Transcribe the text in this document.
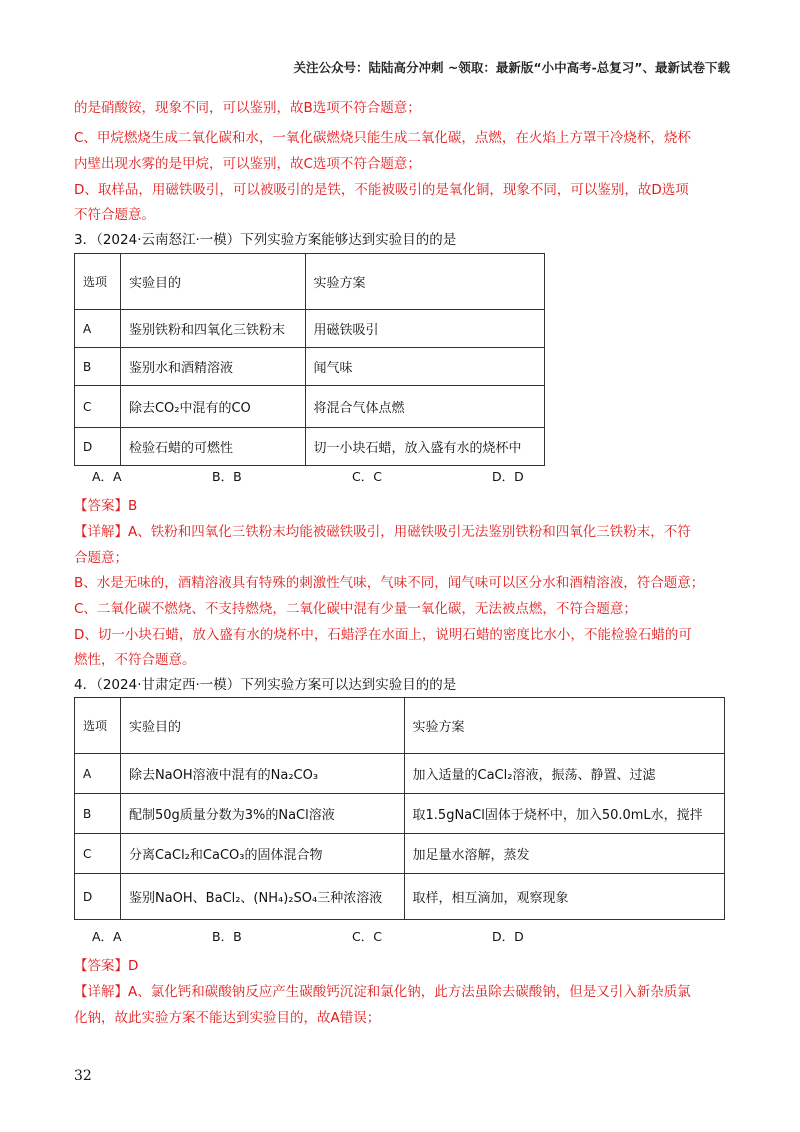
关注公众号：陆陆高分冲刺 ~领取：最新版“小中高考-总复习”、最新试卷下载
的是硝酸铵，现象不同，可以鉴别，故B选项不符合题意；
C、甲烷燃烧生成二氧化碳和水，一氧化碳燃烧只能生成二氧化碳，点燃，在火焰上方罩干冷烧杯，烧杯
内壁出现水雾的是甲烷，可以鉴别，故C选项不符合题意；
D、取样品，用磁铁吸引，可以被吸引的是铁，不能被吸引的是氧化铜，现象不同，可以鉴别，故D选项
不符合题意。
3．（2024·云南怒江·一模）下列实验方案能够达到实验目的的是
选项	实验目的	实验方案
A	鉴别铁粉和四氧化三铁粉末	用磁铁吸引
B	鉴别水和酒精溶液	闻气味
C	除去CO₂中混有的CO	将混合气体点燃
D	检验石蜡的可燃性	切一小块石蜡，放入盛有水的烧杯中
A．A	B．B	C．C	D．D
【答案】B
【详解】A、铁粉和四氧化三铁粉末均能被磁铁吸引，用磁铁吸引无法鉴别铁粉和四氧化三铁粉末，不符
合题意；
B、水是无味的，酒精溶液具有特殊的刺激性气味，气味不同，闻气味可以区分水和酒精溶液，符合题意；
C、二氧化碳不燃烧、不支持燃烧，二氧化碳中混有少量一氧化碳，无法被点燃，不符合题意；
D、切一小块石蜡，放入盛有水的烧杯中，石蜡浮在水面上，说明石蜡的密度比水小，不能检验石蜡的可
燃性，不符合题意。
4．（2024·甘肃定西·一模）下列实验方案可以达到实验目的的是
选项	实验目的	实验方案
A	除去NaOH溶液中混有的Na₂CO₃	加入适量的CaCl₂溶液，振荡、静置、过滤
B	配制50g质量分数为3%的NaCl溶液	取1.5gNaCl固体于烧杯中，加入50.0mL水，搅拌
C	分离CaCl₂和CaCO₃的固体混合物	加足量水溶解，蒸发
D	鉴别NaOH、BaCl₂、(NH₄)₂SO₄三种浓溶液	取样，相互滴加，观察现象
A．A	B．B	C．C	D．D
【答案】D
【详解】A、氯化钙和碳酸钠反应产生碳酸钙沉淀和氯化钠，此方法虽除去碳酸钠，但是又引入新杂质氯
化钠，故此实验方案不能达到实验目的，故A错误；
32
